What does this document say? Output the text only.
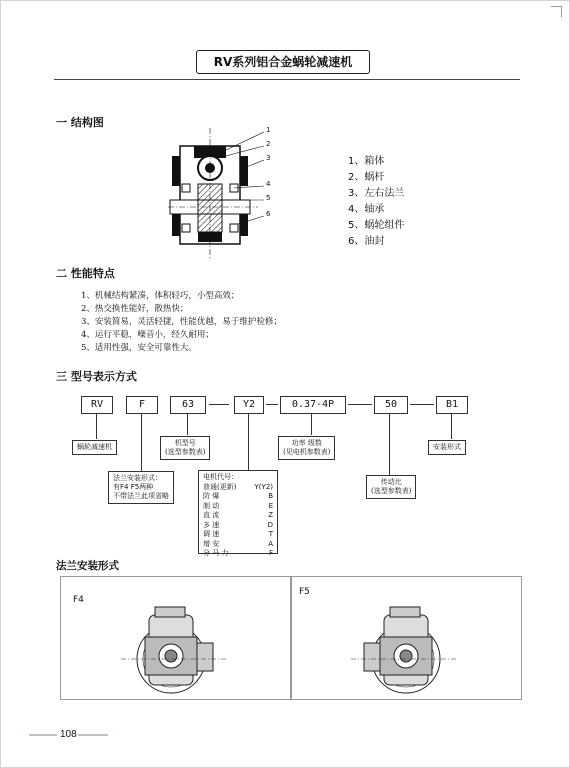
RV系列铝合金蜗轮减速机
一 结构图
1
2
3
4
5
6
1、箱体
2、蜗杆
3、左右法兰
4、轴承
5、蜗轮组件
6、油封
二 性能特点
1、机械结构紧凑，体积轻巧，小型高效；
2、热交换性能好，散热快；
3、安装简易，灵活轻捷，性能优越，易于维护检修；
4、运行平稳，噪音小，经久耐用；
5、适用性强，安全可靠性大。
三 型号表示方式
RV	F	63	Y2	0.37-4P	50	B1
蜗轮减速机
法兰安装形式：
有F4 F5两种
不带法兰此项省略
机型号
(选型参数表)
功率 级数
(见电机参数表)
传动比
(选型参数表)
安装形式
电机代号：
普通(更新)	Y(Y2)
防 爆	B
制 动	E
直 流	Z
多 速	D
调 速	T
增 安	A
分 马 力	F
法兰安装形式
F4
F5
108
